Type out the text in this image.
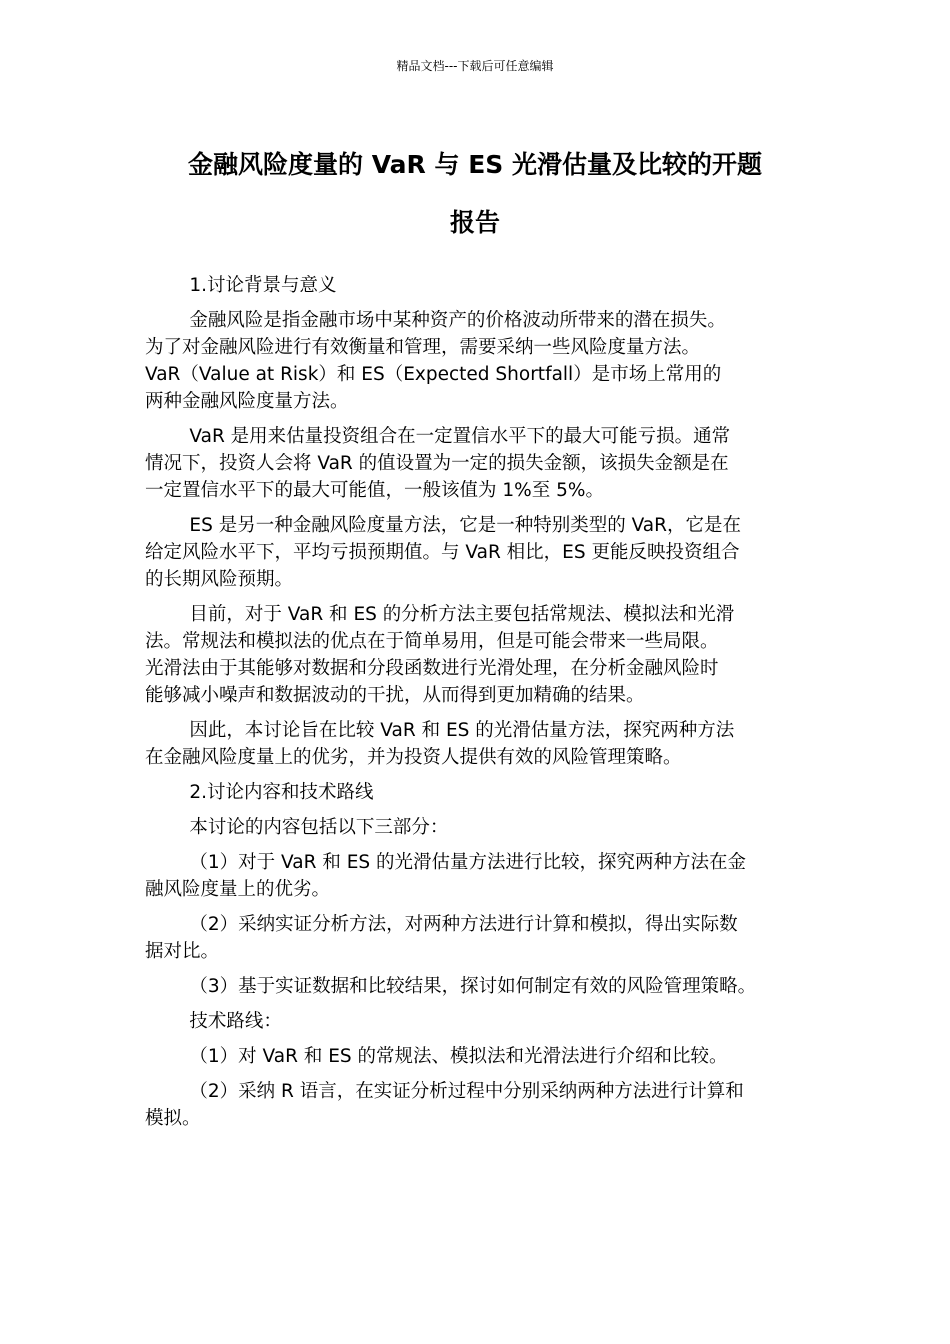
精品文档---下载后可任意编辑
金融风险度量的 VaR 与 ES 光滑估量及比较的开题
报告

1.讨论背景与意义

金融风险是指金融市场中某种资产的价格波动所带来的潜在损失。
为了对金融风险进行有效衡量和管理，需要采纳一些风险度量方法。
VaR（Value at Risk）和 ES（Expected Shortfall）是市场上常用的
两种金融风险度量方法。

VaR 是用来估量投资组合在一定置信水平下的最大可能亏损。通常
情况下，投资人会将 VaR 的值设置为一定的损失金额，该损失金额是在
一定置信水平下的最大可能值，一般该值为 1%至 5%。

ES 是另一种金融风险度量方法，它是一种特别类型的 VaR，它是在
给定风险水平下，平均亏损预期值。与 VaR 相比，ES 更能反映投资组合
的长期风险预期。

目前，对于 VaR 和 ES 的分析方法主要包括常规法、模拟法和光滑
法。常规法和模拟法的优点在于简单易用，但是可能会带来一些局限。
光滑法由于其能够对数据和分段函数进行光滑处理，在分析金融风险时
能够减小噪声和数据波动的干扰，从而得到更加精确的结果。

因此，本讨论旨在比较 VaR 和 ES 的光滑估量方法，探究两种方法
在金融风险度量上的优劣，并为投资人提供有效的风险管理策略。

2.讨论内容和技术路线

本讨论的内容包括以下三部分：

（1）对于 VaR 和 ES 的光滑估量方法进行比较，探究两种方法在金
融风险度量上的优劣。

（2）采纳实证分析方法，对两种方法进行计算和模拟，得出实际数
据对比。

（3）基于实证数据和比较结果，探讨如何制定有效的风险管理策略。

技术路线：

（1）对 VaR 和 ES 的常规法、模拟法和光滑法进行介绍和比较。

（2）采纳 R 语言，在实证分析过程中分别采纳两种方法进行计算和
模拟。
